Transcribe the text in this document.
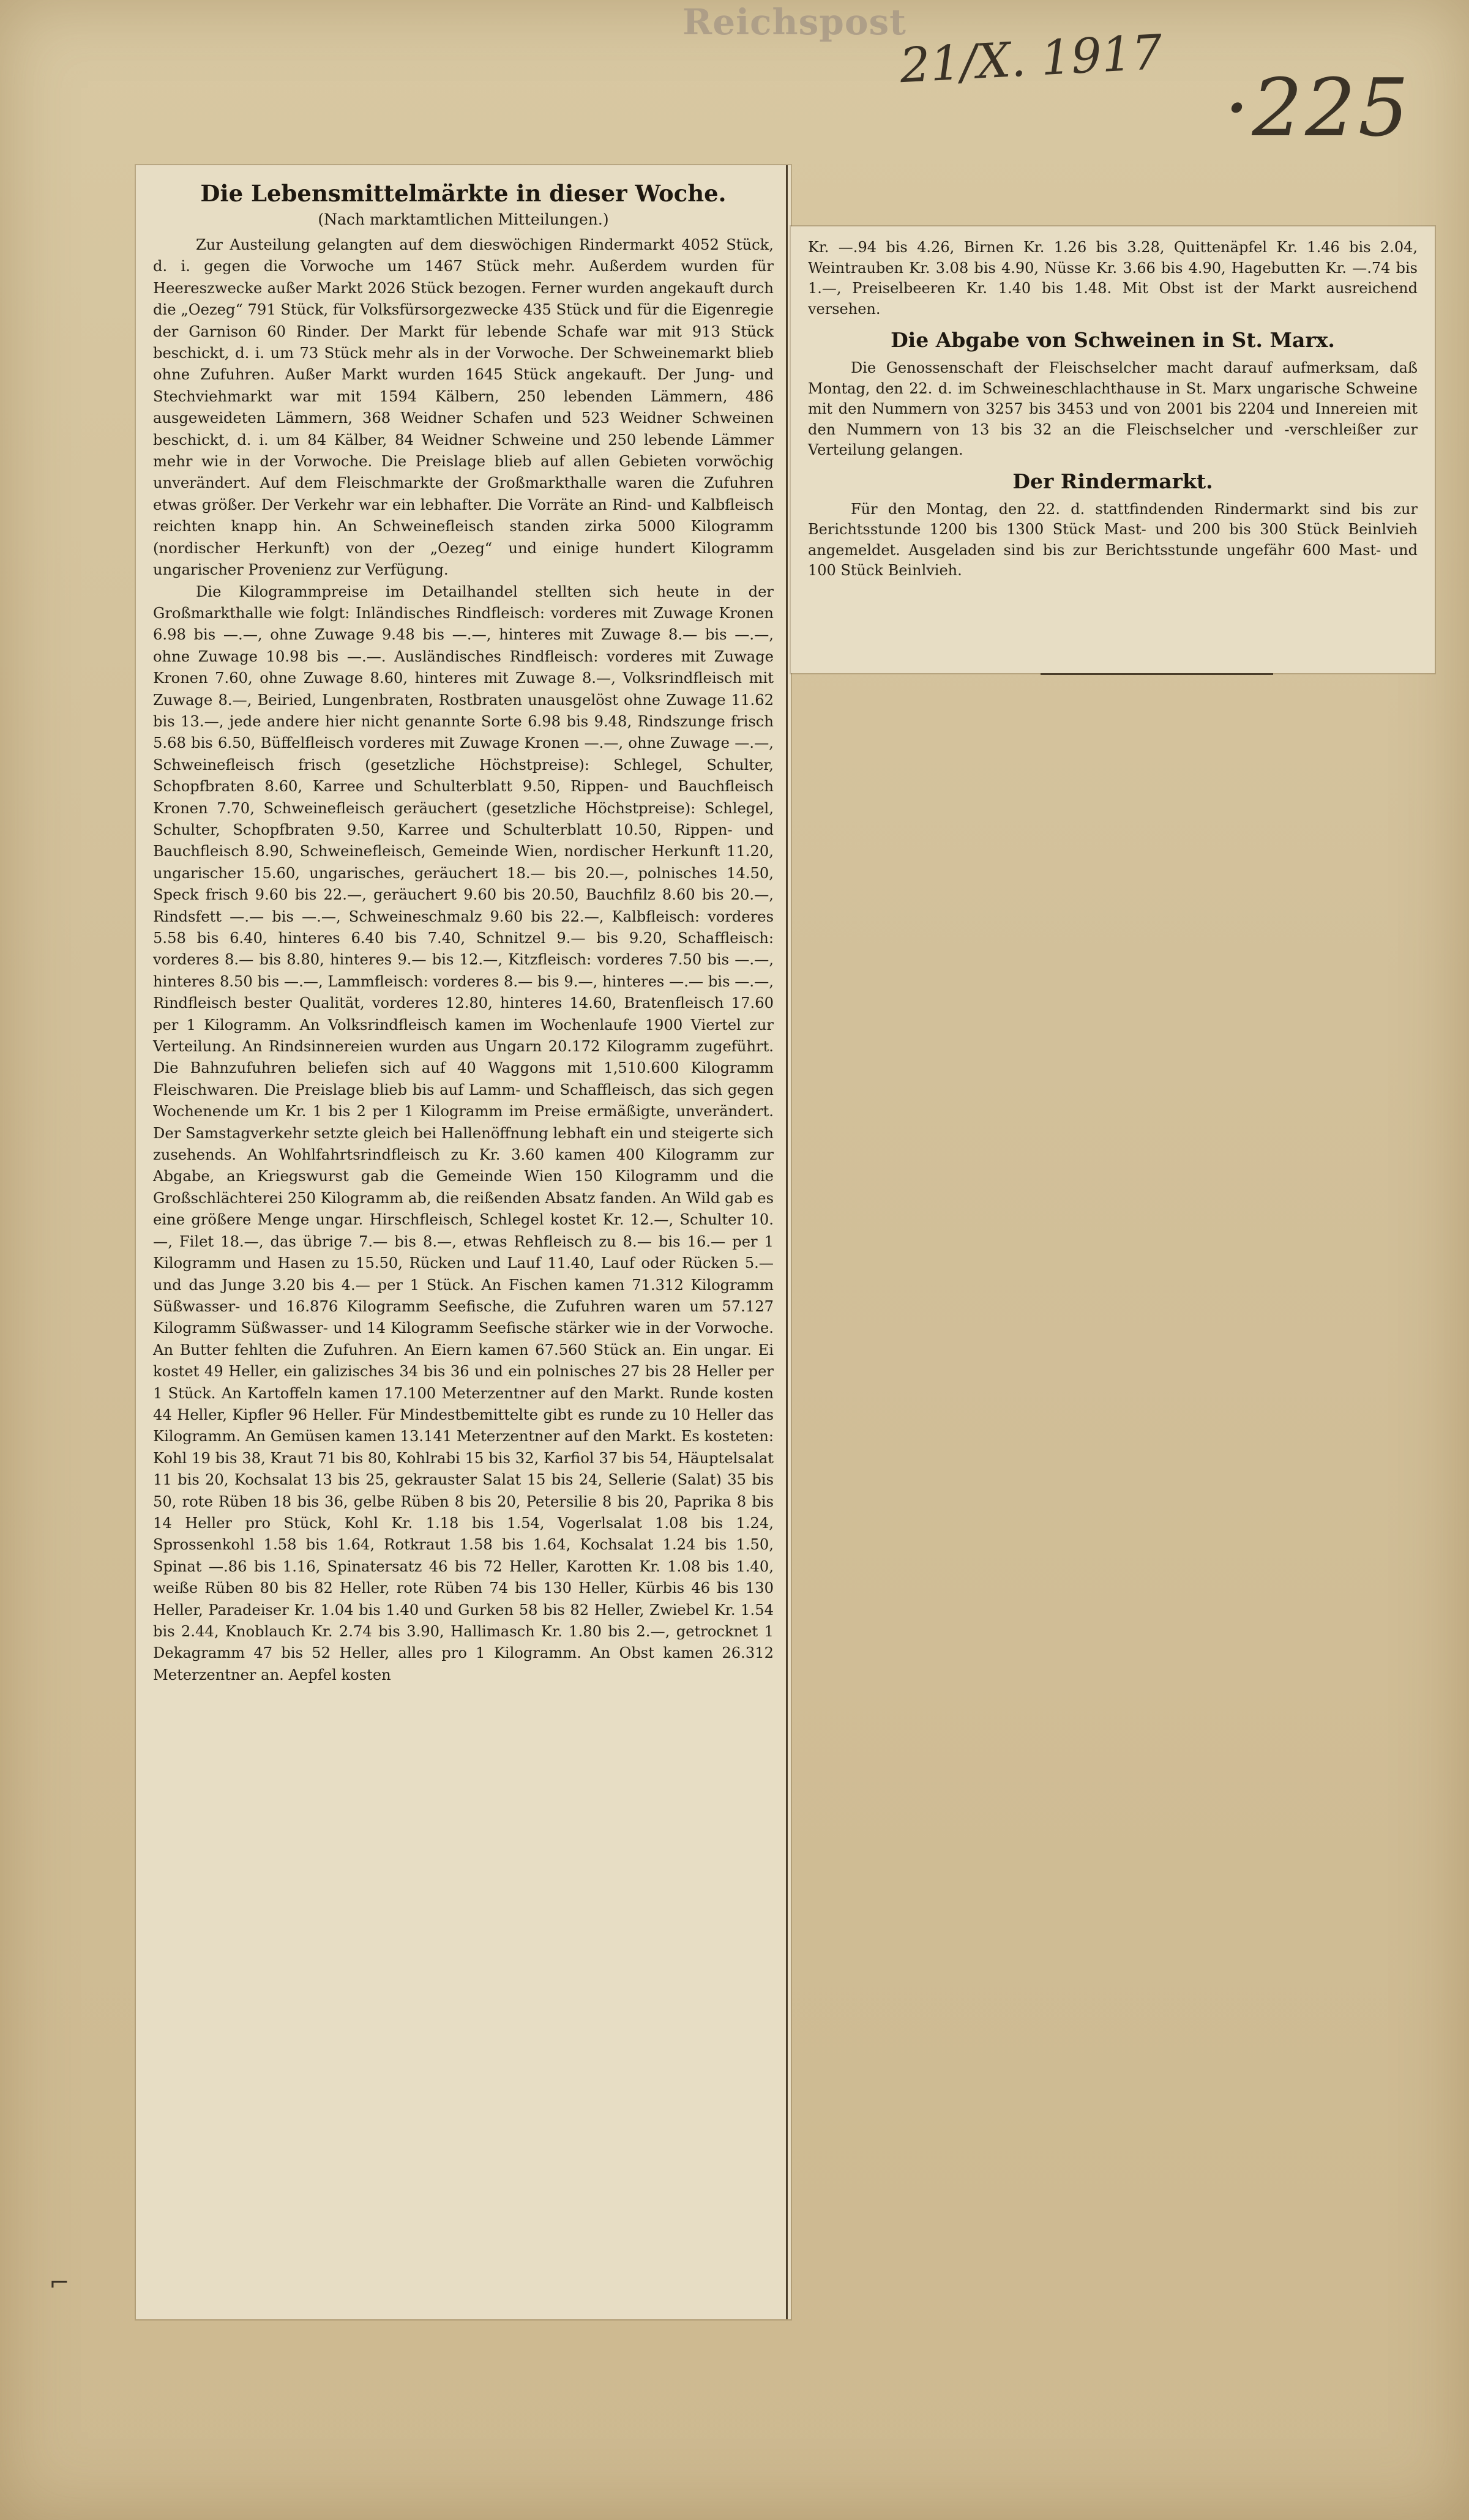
Reichspost
21/X. 1917
·225
Die Lebensmittelmärkte in dieser Woche.
(Nach marktamtlichen Mitteilungen.)

Zur Austeilung gelangten auf dem dieswöchigen Rindermarkt 4052 Stück, d. i. gegen die Vorwoche um 1467 Stück mehr. Außerdem wurden für Heereszwecke außer Markt 2026 Stück bezogen. Ferner wurden angekauft durch die „Oezeg“ 791 Stück, für Volksfürsorgezwecke 435 Stück und für die Eigenregie der Garnison 60 Rinder. Der Markt für lebende Schafe war mit 913 Stück beschickt, d. i. um 73 Stück mehr als in der Vorwoche. Der Schweinemarkt blieb ohne Zufuhren. Außer Markt wurden 1645 Stück angekauft. Der Jung- und Stechviehmarkt war mit 1594 Kälbern, 250 lebenden Lämmern, 486 ausgeweideten Lämmern, 368 Weidner Schafen und 523 Weidner Schweinen beschickt, d. i. um 84 Kälber, 84 Weidner Schweine und 250 lebende Lämmer mehr wie in der Vorwoche. Die Preislage blieb auf allen Gebieten vorwöchig unverändert. Auf dem Fleischmarkte der Großmarkthalle waren die Zufuhren etwas größer. Der Verkehr war ein lebhafter. Die Vorräte an Rind- und Kalbfleisch reichten knapp hin. An Schweinefleisch standen zirka 5000 Kilogramm (nordischer Herkunft) von der „Oezeg“ und einige hundert Kilogramm ungarischer Provenienz zur Verfügung.

Die Kilogrammpreise im Detailhandel stellten sich heute in der Großmarkthalle wie folgt: Inländisches Rindfleisch: vorderes mit Zuwage Kronen 6.98 bis —.—, ohne Zuwage 9.48 bis —.—, hinteres mit Zuwage 8.— bis —.—, ohne Zuwage 10.98 bis —.—. Ausländisches Rindfleisch: vorderes mit Zuwage Kronen 7.60, ohne Zuwage 8.60, hinteres mit Zuwage 8.—, Volksrindfleisch mit Zuwage 8.—, Beiried, Lungenbraten, Rostbraten unausgelöst ohne Zuwage 11.62 bis 13.—, jede andere hier nicht genannte Sorte 6.98 bis 9.48, Rindszunge frisch 5.68 bis 6.50, Büffelfleisch vorderes mit Zuwage Kronen —.—, ohne Zuwage —.—, Schweinefleisch frisch (gesetzliche Höchstpreise): Schlegel, Schulter, Schopfbraten 8.60, Karree und Schulterblatt 9.50, Rippen- und Bauchfleisch Kronen 7.70, Schweinefleisch geräuchert (gesetzliche Höchstpreise): Schlegel, Schulter, Schopfbraten 9.50, Karree und Schulterblatt 10.50, Rippen- und Bauchfleisch 8.90, Schweinefleisch, Gemeinde Wien, nordischer Herkunft 11.20, ungarischer 15.60, ungarisches, geräuchert 18.— bis 20.—, polnisches 14.50, Speck frisch 9.60 bis 22.—, geräuchert 9.60 bis 20.50, Bauchfilz 8.60 bis 20.—, Rindsfett —.— bis —.—, Schweineschmalz 9.60 bis 22.—, Kalbfleisch: vorderes 5.58 bis 6.40, hinteres 6.40 bis 7.40, Schnitzel 9.— bis 9.20, Schaffleisch: vorderes 8.— bis 8.80, hinteres 9.— bis 12.—, Kitzfleisch: vorderes 7.50 bis —.—, hinteres 8.50 bis —.—, Lammfleisch: vorderes 8.— bis 9.—, hinteres —.— bis —.—, Rindfleisch bester Qualität, vorderes 12.80, hinteres 14.60, Bratenfleisch 17.60 per 1 Kilogramm. An Volksrindfleisch kamen im Wochenlaufe 1900 Viertel zur Verteilung. An Rindsinnereien wurden aus Ungarn 20.172 Kilogramm zugeführt. Die Bahnzufuhren beliefen sich auf 40 Waggons mit 1,510.600 Kilogramm Fleischwaren. Die Preislage blieb bis auf Lamm- und Schaffleisch, das sich gegen Wochenende um Kr. 1 bis 2 per 1 Kilogramm im Preise ermäßigte, unverändert. Der Samstagverkehr setzte gleich bei Hallenöffnung lebhaft ein und steigerte sich zusehends. An Wohlfahrtsrindfleisch zu Kr. 3.60 kamen 400 Kilogramm zur Abgabe, an Kriegswurst gab die Gemeinde Wien 150 Kilogramm und die Großschlächterei 250 Kilogramm ab, die reißenden Absatz fanden. An Wild gab es eine größere Menge ungar. Hirschfleisch, Schlegel kostet Kr. 12.—, Schulter 10.—, Filet 18.—, das übrige 7.— bis 8.—, etwas Rehfleisch zu 8.— bis 16.— per 1 Kilogramm und Hasen zu 15.50, Rücken und Lauf 11.40, Lauf oder Rücken 5.— und das Junge 3.20 bis 4.— per 1 Stück. An Fischen kamen 71.312 Kilogramm Süßwasser- und 16.876 Kilogramm Seefische, die Zufuhren waren um 57.127 Kilogramm Süßwasser- und 14 Kilogramm Seefische stärker wie in der Vorwoche. An Butter fehlten die Zufuhren. An Eiern kamen 67.560 Stück an. Ein ungar. Ei kostet 49 Heller, ein galizisches 34 bis 36 und ein polnisches 27 bis 28 Heller per 1 Stück. An Kartoffeln kamen 17.100 Meterzentner auf den Markt. Runde kosten 44 Heller, Kipfler 96 Heller. Für Mindestbemittelte gibt es runde zu 10 Heller das Kilogramm. An Gemüsen kamen 13.141 Meterzentner auf den Markt. Es kosteten: Kohl 19 bis 38, Kraut 71 bis 80, Kohlrabi 15 bis 32, Karfiol 37 bis 54, Häuptelsalat 11 bis 20, Kochsalat 13 bis 25, gekrauster Salat 15 bis 24, Sellerie (Salat) 35 bis 50, rote Rüben 18 bis 36, gelbe Rüben 8 bis 20, Petersilie 8 bis 20, Paprika 8 bis 14 Heller pro Stück, Kohl Kr. 1.18 bis 1.54, Vogerlsalat 1.08 bis 1.24, Sprossenkohl 1.58 bis 1.64, Rotkraut 1.58 bis 1.64, Kochsalat 1.24 bis 1.50, Spinat —.86 bis 1.16, Spinatersatz 46 bis 72 Heller, Karotten Kr. 1.08 bis 1.40, weiße Rüben 80 bis 82 Heller, rote Rüben 74 bis 130 Heller, Kürbis 46 bis 130 Heller, Paradeiser Kr. 1.04 bis 1.40 und Gurken 58 bis 82 Heller, Zwiebel Kr. 1.54 bis 2.44, Knoblauch Kr. 2.74 bis 3.90, Hallimasch Kr. 1.80 bis 2.—, getrocknet 1 Dekagramm 47 bis 52 Heller, alles pro 1 Kilogramm. An Obst kamen 26.312 Meterzentner an. Aepfel kosten

Kr. —.94 bis 4.26, Birnen Kr. 1.26 bis 3.28, Quittenäpfel Kr. 1.46 bis 2.04, Weintrauben Kr. 3.08 bis 4.90, Nüsse Kr. 3.66 bis 4.90, Hagebutten Kr. —.74 bis 1.—, Preiselbeeren Kr. 1.40 bis 1.48. Mit Obst ist der Markt ausreichend versehen.

Die Abgabe von Schweinen in St. Marx.

Die Genossenschaft der Fleischselcher macht darauf aufmerksam, daß Montag, den 22. d. im Schweineschlachthause in St. Marx ungarische Schweine mit den Nummern von 3257 bis 3453 und von 2001 bis 2204 und Innereien mit den Nummern von 13 bis 32 an die Fleischselcher und -verschleißer zur Verteilung gelangen.

Der Rindermarkt.

Für den Montag, den 22. d. stattfindenden Rindermarkt sind bis zur Berichtsstunde 1200 bis 1300 Stück Mast- und 200 bis 300 Stück Beinlvieh angemeldet. Ausgeladen sind bis zur Berichtsstunde ungefähr 600 Mast- und 100 Stück Beinlvieh.

⌐
